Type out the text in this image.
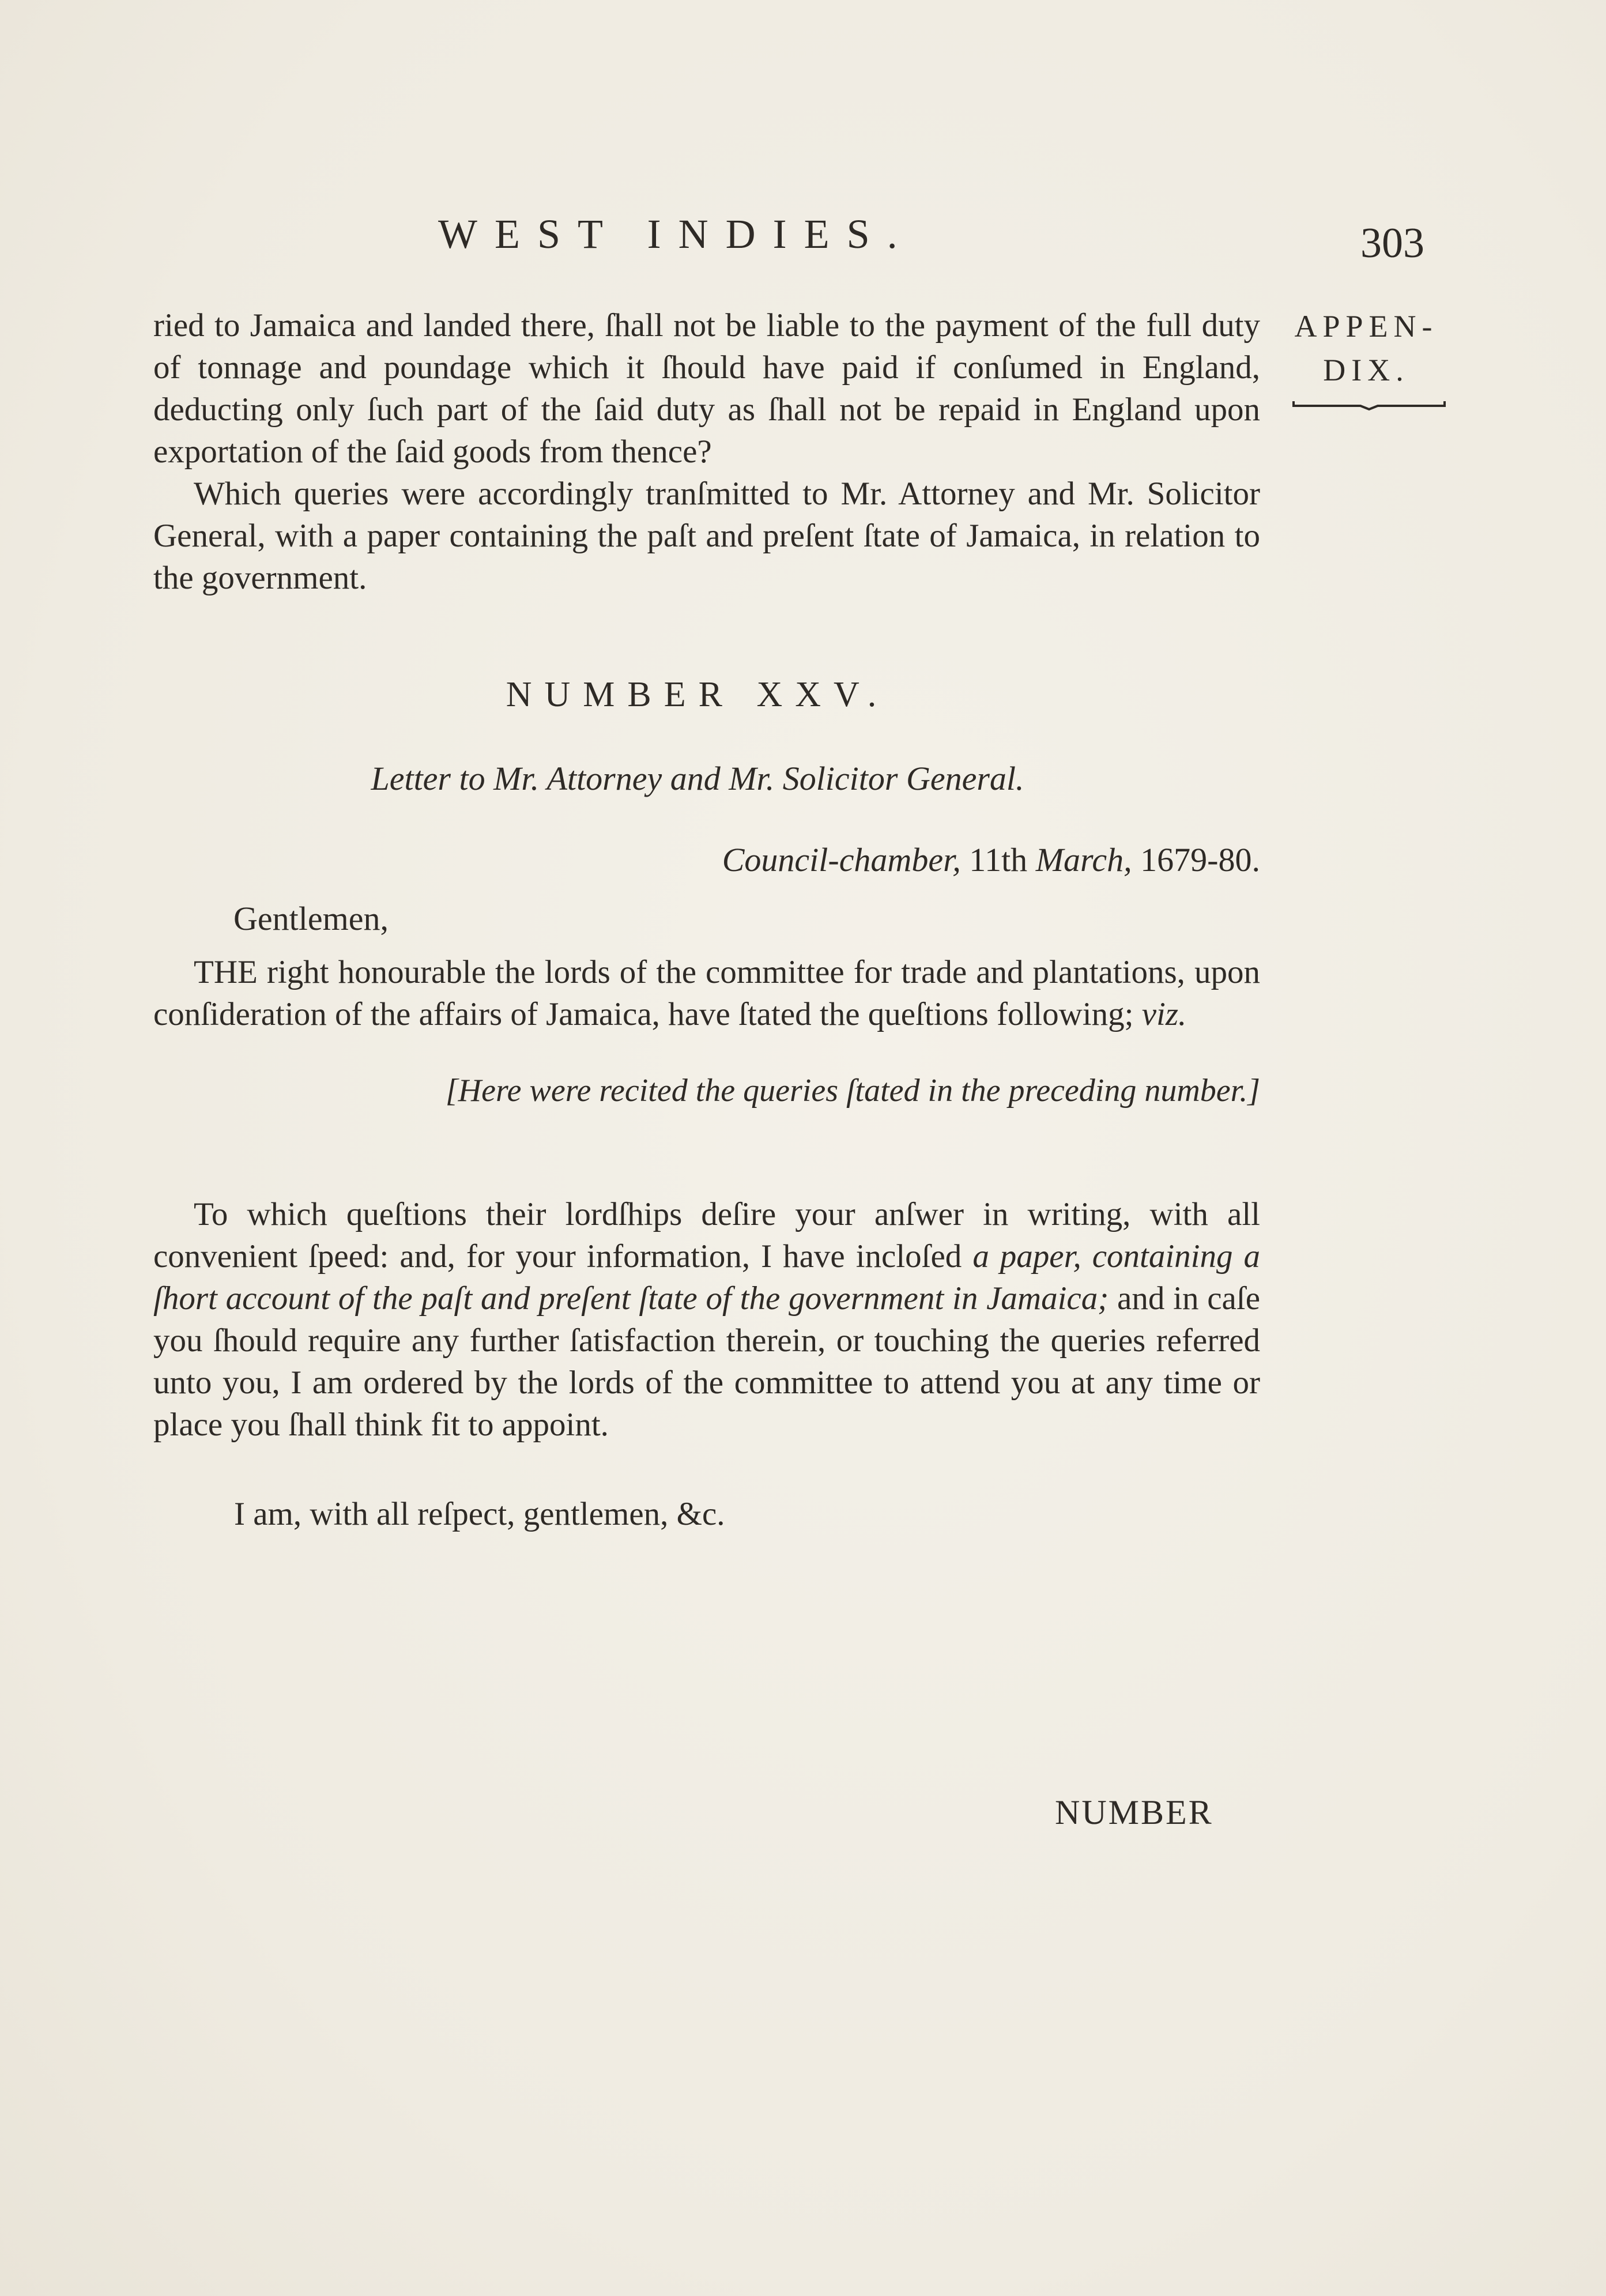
WEST INDIES.	303
APPEN-
DIX.
ried to Jamaica and landed there, ſhall not be liable to the payment of the full duty of tonnage and poundage which it ſhould have paid if conſumed in England, deducting only ſuch part of the ſaid duty as ſhall not be repaid in England upon exportation of the ſaid goods from thence?
Which queries were accordingly tranſmitted to Mr. Attorney and Mr. Solicitor General, with a paper containing the paſt and preſent ſtate of Jamaica, in relation to the government.
NUMBER XXV.
Letter to Mr. Attorney and Mr. Solicitor General.
Council-chamber, 11th March, 1679-80.
Gentlemen,
THE right honourable the lords of the committee for trade and plantations, upon conſideration of the affairs of Jamaica, have ſtated the queſtions following; viz.
[Here were recited the queries ſtated in the preceding number.]
To which queſtions their lordſhips deſire your anſwer in writing, with all convenient ſpeed: and, for your information, I have incloſed a paper, containing a ſhort account of the paſt and preſent ſtate of the government in Jamaica; and in caſe you ſhould require any further ſatisfaction therein, or touching the queries referred unto you, I am ordered by the lords of the committee to attend you at any time or place you ſhall think fit to appoint.
I am, with all reſpect, gentlemen, &c.
NUMBER
